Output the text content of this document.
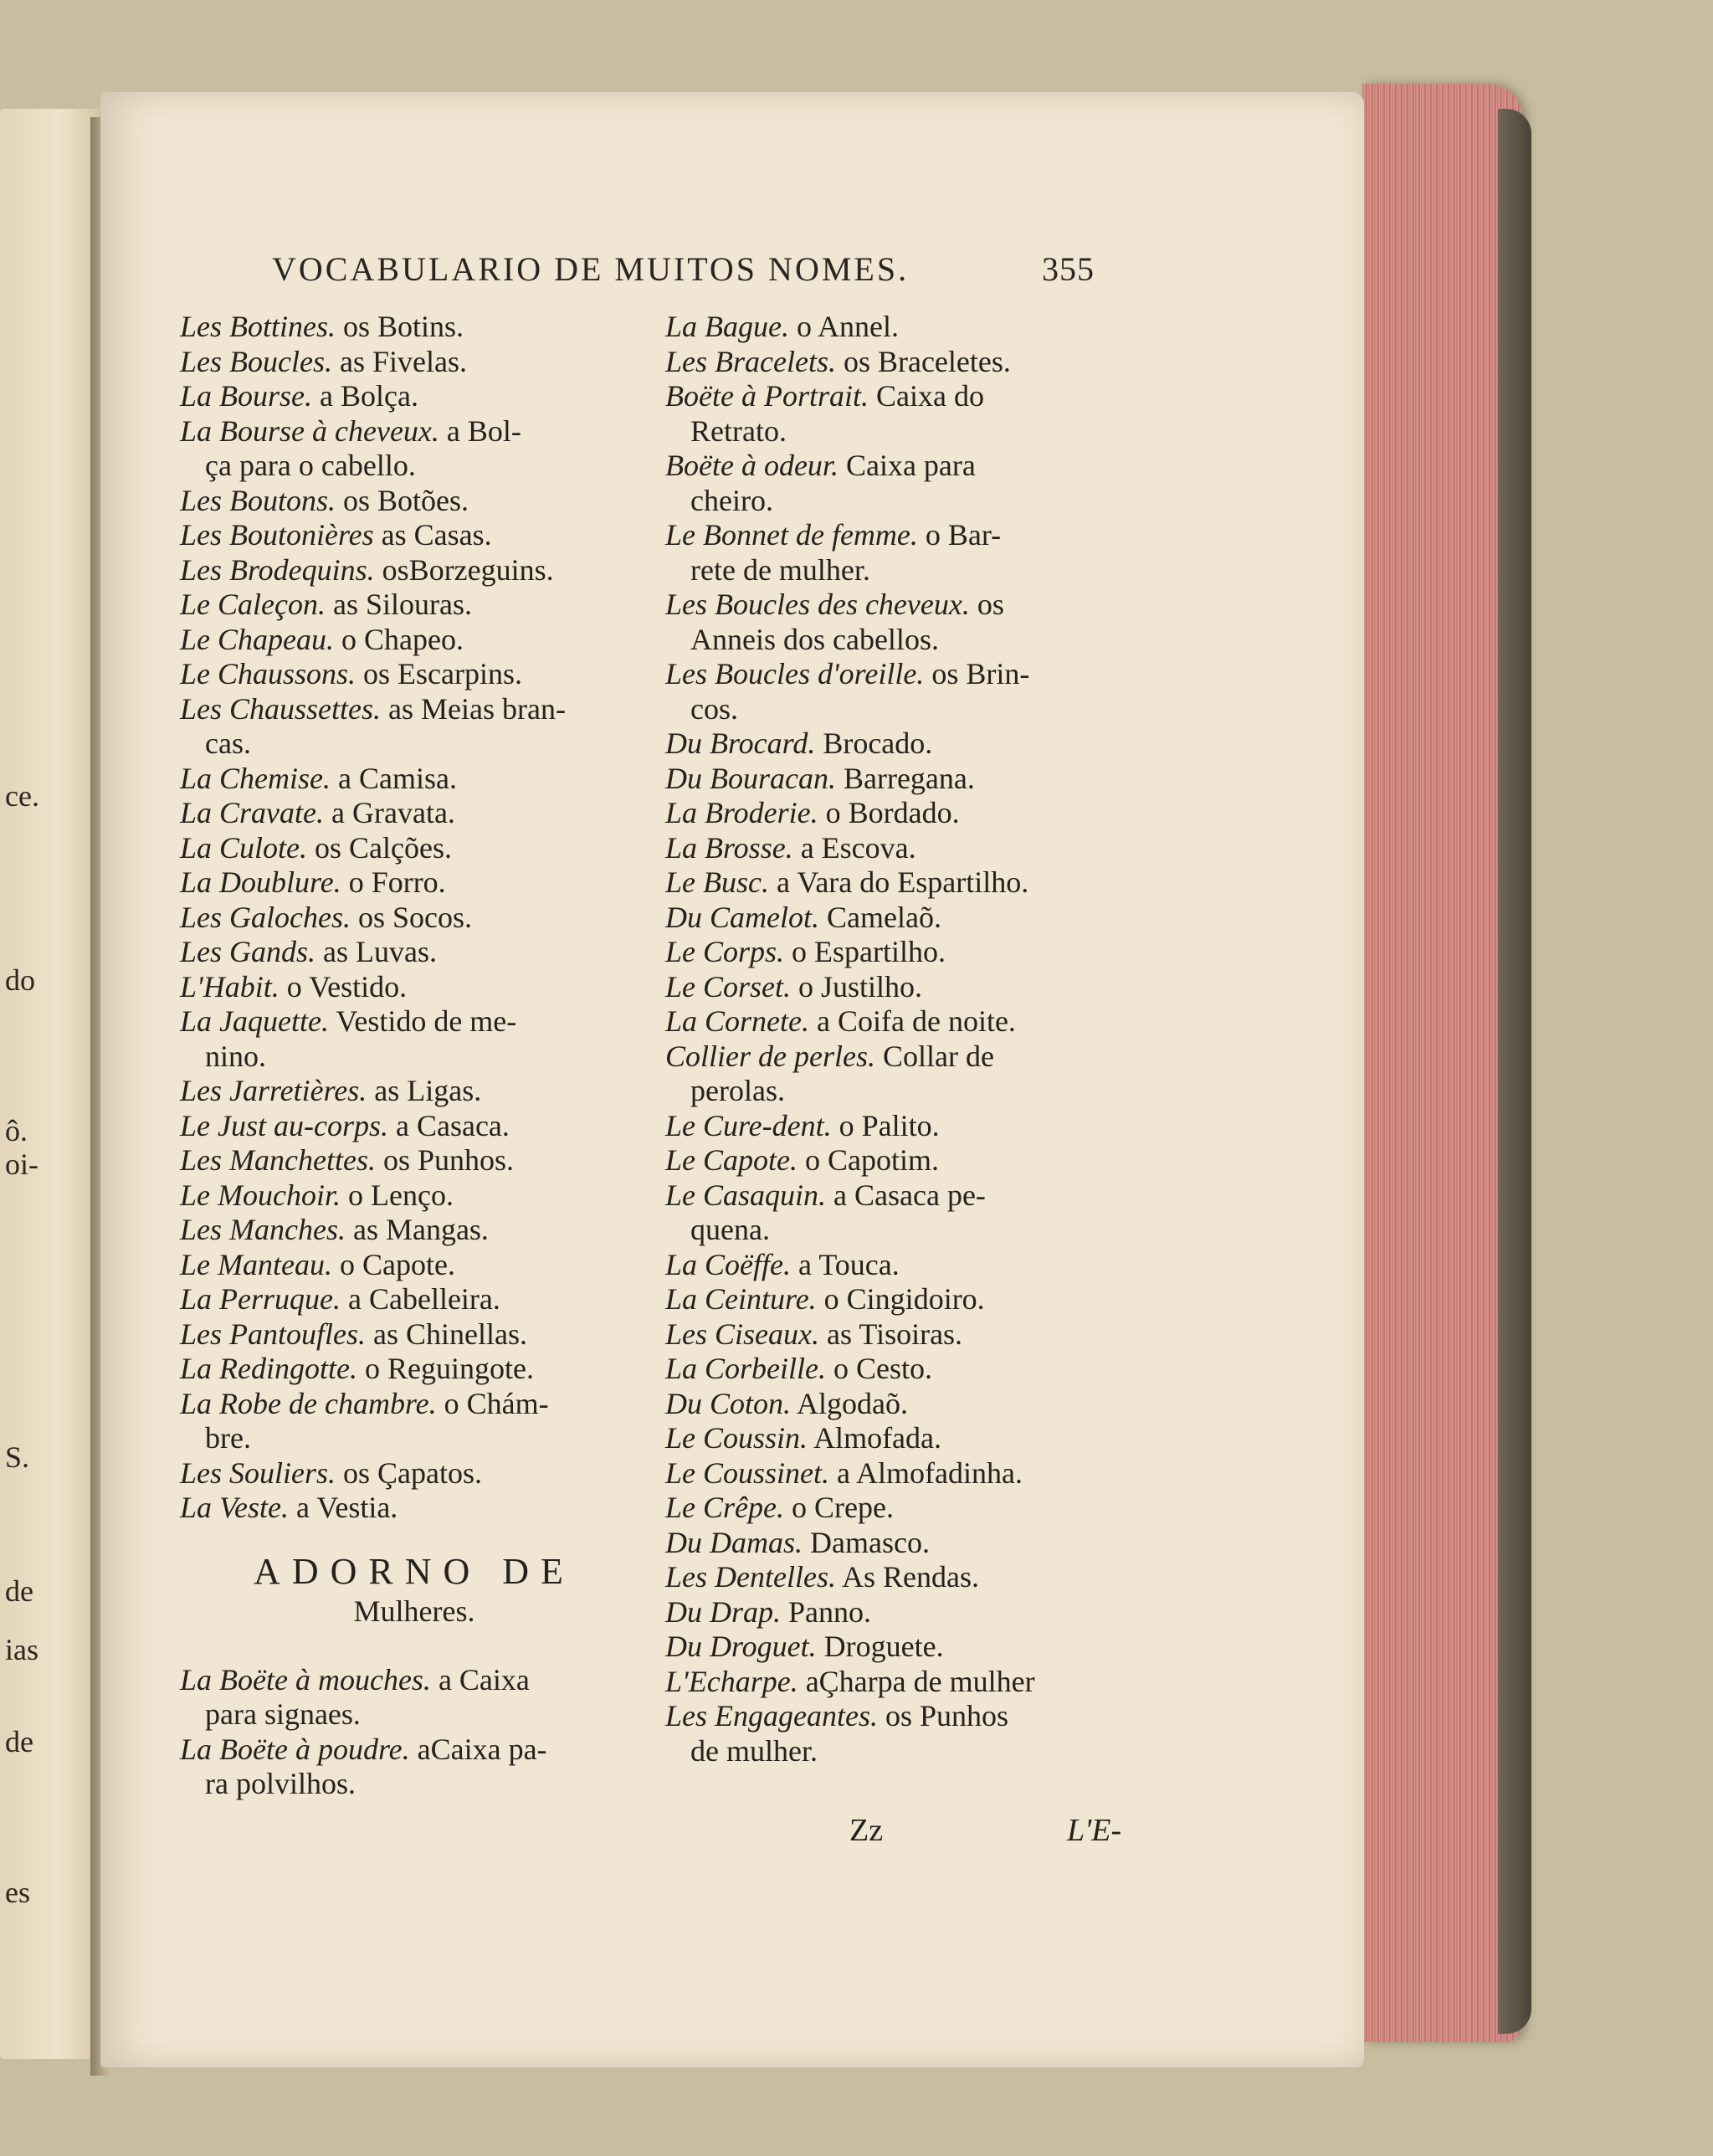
ce.
do
ô.
oi-
S.
de
ias
de
es
VOCABULARIO DE MUITOS NOMES.	355
Les Bottines. os Botins.
Les Boucles. as Fivelas.
La Bourse. a Bolça.
La Bourse à cheveux. a Bol-
ça para o cabello.
Les Boutons. os Botões.
Les Boutonières as Casas.
Les Brodequins. osBorzeguins.
Le Caleçon. as Silouras.
Le Chapeau. o Chapeo.
Le Chaussons. os Escarpins.
Les Chaussettes. as Meias bran-
cas.
La Chemise. a Camisa.
La Cravate. a Gravata.
La Culote. os Calções.
La Doublure. o Forro.
Les Galoches. os Socos.
Les Gands. as Luvas.
L'Habit. o Vestido.
La Jaquette. Vestido de me-
nino.
Les Jarretières. as Ligas.
Le Just au-corps. a Casaca.
Les Manchettes. os Punhos.
Le Mouchoir. o Lenço.
Les Manches. as Mangas.
Le Manteau. o Capote.
La Perruque. a Cabelleira.
Les Pantoufles. as Chinellas.
La Redingotte. o Reguingote.
La Robe de chambre. o Chám-
bre.
Les Souliers. os Çapatos.
La Veste. a Vestia.
ADORNO DE
Mulheres.
La Boëte à mouches. a Caixa
para signaes.
La Boëte à poudre. aCaixa pa-
ra polvilhos.
La Bague. o Annel.
Les Bracelets. os Braceletes.
Boëte à Portrait. Caixa do
Retrato.
Boëte à odeur. Caixa para
cheiro.
Le Bonnet de femme. o Bar-
rete de mulher.
Les Boucles des cheveux. os
Anneis dos cabellos.
Les Boucles d'oreille. os Brin-
cos.
Du Brocard. Brocado.
Du Bouracan. Barregana.
La Broderie. o Bordado.
La Brosse. a Escova.
Le Busc. a Vara do Espartilho.
Du Camelot. Camelaõ.
Le Corps. o Espartilho.
Le Corset. o Justilho.
La Cornete. a Coifa de noite.
Collier de perles. Collar de
perolas.
Le Cure-dent. o Palito.
Le Capote. o Capotim.
Le Casaquin. a Casaca pe-
quena.
La Coëffe. a Touca.
La Ceinture. o Cingidoiro.
Les Ciseaux. as Tisoiras.
La Corbeille. o Cesto.
Du Coton. Algodaõ.
Le Coussin. Almofada.
Le Coussinet. a Almofadinha.
Le Crêpe. o Crepe.
Du Damas. Damasco.
Les Dentelles. As Rendas.
Du Drap. Panno.
Du Droguet. Droguete.
L'Echarpe. aÇharpa de mulher
Les Engageantes. os Punhos
de mulher.
Zz	L'E-
